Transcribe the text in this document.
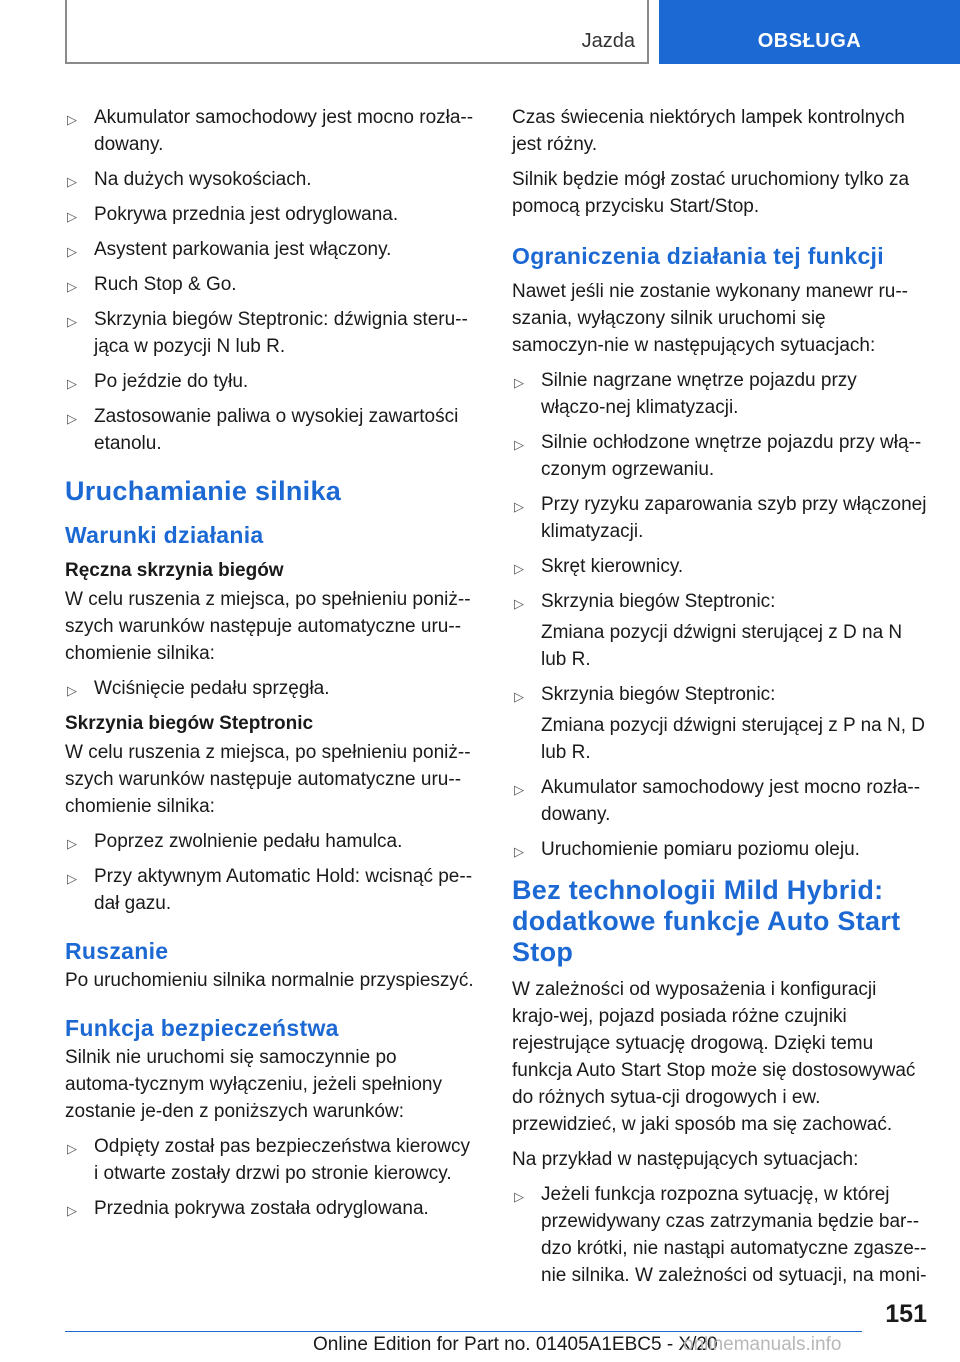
Jazda	OBSŁUGA
▷ Akumulator samochodowy jest mocno rozła-dowany.
▷ Na dużych wysokościach.
▷ Pokrywa przednia jest odryglowana.
▷ Asystent parkowania jest włączony.
▷ Ruch Stop & Go.
▷ Skrzynia biegów Steptronic: dźwignia steru-jąca w pozycji N lub R.
▷ Po jeździe do tyłu.
▷ Zastosowanie paliwa o wysokiej zawartości etanolu.
Uruchamianie silnika
Warunki działania
Ręczna skrzynia biegów

W celu ruszenia z miejsca, po spełnieniu poniż-szych warunków następuje automatyczne uru-chomienie silnika:

▷ Wciśnięcie pedału sprzęgła.
Skrzynia biegów Steptronic

W celu ruszenia z miejsca, po spełnieniu poniż-szych warunków następuje automatyczne uru-chomienie silnika:

▷ Poprzez zwolnienie pedału hamulca.
▷ Przy aktywnym Automatic Hold: wcisnąć pe-dał gazu.
Ruszanie

Po uruchomieniu silnika normalnie przyspieszyć.

Funkcja bezpieczeństwa

Silnik nie uruchomi się samoczynnie po automa-tycznym wyłączeniu, jeżeli spełniony zostanie je-den z poniższych warunków:

▷ Odpięty został pas bezpieczeństwa kierowcy i otwarte zostały drzwi po stronie kierowcy.
▷ Przednia pokrywa została odryglowana.

Czas świecenia niektórych lampek kontrolnych jest różny.

Silnik będzie mógł zostać uruchomiony tylko za pomocą przycisku Start/Stop.

Ograniczenia działania tej funkcji

Nawet jeśli nie zostanie wykonany manewr ru-szania, wyłączony silnik uruchomi się samoczyn-nie w następujących sytuacjach:

▷ Silnie nagrzane wnętrze pojazdu przy włączo-nej klimatyzacji.
▷ Silnie ochłodzone wnętrze pojazdu przy włą-czonym ogrzewaniu.
▷ Przy ryzyku zaparowania szyb przy włączonej klimatyzacji.
▷ Skręt kierownicy.
▷ Skrzynia biegów Steptronic:
Zmiana pozycji dźwigni sterującej z D na N lub R.
▷ Skrzynia biegów Steptronic:
Zmiana pozycji dźwigni sterującej z P na N, D lub R.
▷ Akumulator samochodowy jest mocno rozła-dowany.
▷ Uruchomienie pomiaru poziomu oleju.
Bez technologii Mild Hybrid: dodatkowe funkcje Auto Start Stop

W zależności od wyposażenia i konfiguracji krajo-wej, pojazd posiada różne czujniki rejestrujące sytuację drogową. Dzięki temu funkcja Auto Start Stop może się dostosowywać do różnych sytua-cji drogowych i ew. przewidzieć, w jaki sposób ma się zachować.

Na przykład w następujących sytuacjach:

▷ Jeżeli funkcja rozpozna sytuację, w której przewidywany czas zatrzymania będzie bar-dzo krótki, nie nastąpi automatyczne zgasze-nie silnika. W zależności od sytuacji, na moni-
151
Online Edition for Part no. 01405A1EBC5 - X/20
onlinemanuals.info
